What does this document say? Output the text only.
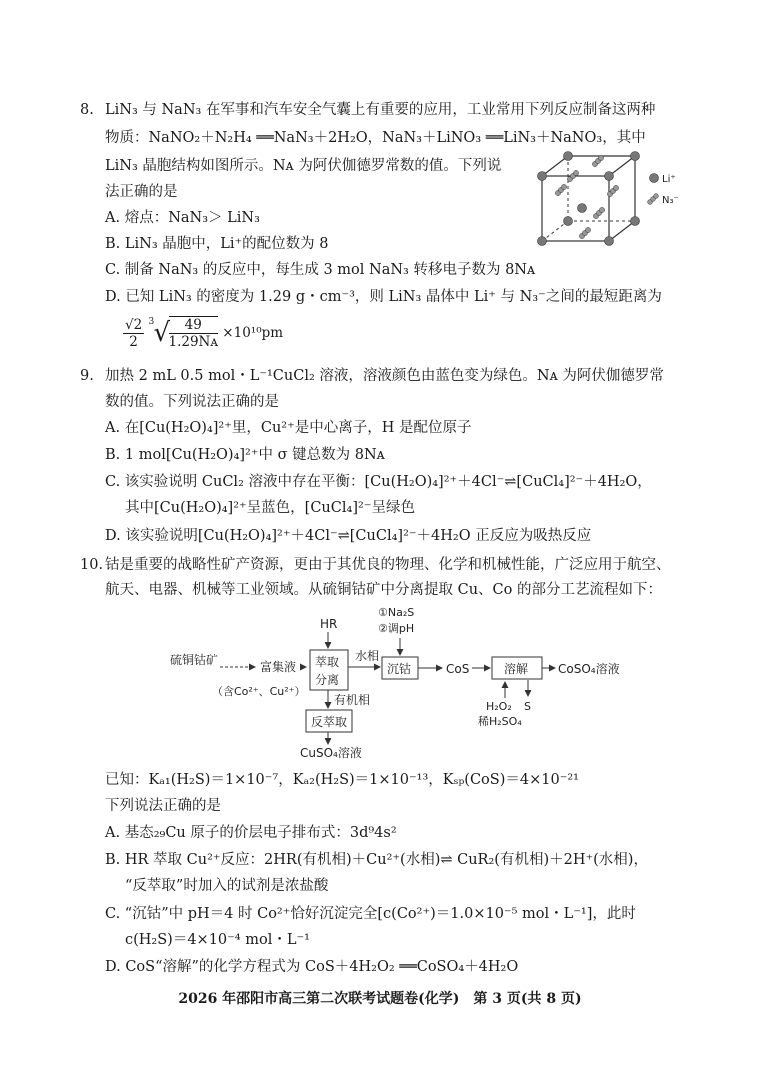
8. LiN₃ 与 NaN₃ 在军事和汽车安全气囊上有重要的应用，工业常用下列反应制备这两种
物质：NaNO₂＋N₂H₄ ══NaN₃＋2H₂O，NaN₃＋LiNO₃ ══LiN₃＋NaNO₃，其中
LiN₃ 晶胞结构如图所示。Nᴀ 为阿伏伽德罗常数的值。下列说
法正确的是
A. 熔点：NaN₃＞ LiN₃
B. LiN₃ 晶胞中，Li⁺的配位数为 8
C. 制备 NaN₃ 的反应中，每生成 3 mol NaN₃ 转移电子数为 8Nᴀ
D. 已知 LiN₃ 的密度为 1.29 g・cm⁻³，则 LiN₃ 晶体中 Li⁺ 与 N₃⁻之间的最短距离为
$\frac{√2}{2}$
3 √
$\frac{49}{\text{1.29Nᴀ}} \times 10^{10}pm$
Li⁺
N₃⁻
9. 加热 2 mL 0.5 mol・L⁻¹CuCl₂ 溶液，溶液颜色由蓝色变为绿色。Nᴀ 为阿伏伽德罗常
数的值。下列说法正确的是
A. 在[Cu(H₂O)₄]²⁺里，Cu²⁺是中心离子，H 是配位原子
B. 1 mol[Cu(H₂O)₄]²⁺中 σ 键总数为 8Nᴀ
C. 该实验说明 CuCl₂ 溶液中存在平衡：[Cu(H₂O)₄]²⁺＋4Cl⁻⇌[CuCl₄]²⁻＋4H₂O，
其中[Cu(H₂O)₄]²⁺呈蓝色，[CuCl₄]²⁻呈绿色
D. 该实验说明[Cu(H₂O)₄]²⁺＋4Cl⁻⇌[CuCl₄]²⁻＋4H₂O 正反应为吸热反应
10. 钴是重要的战略性矿产资源，更由于其优良的物理、化学和机械性能，广泛应用于航空、
航天、电器、机械等工业领域。从硫铜钴矿中分离提取 Cu、Co 的部分工艺流程如下：
硫铜钴矿	富集液
（含Co²⁺、Cu²⁺）
HR
萃取
分离
水相
①Na₂S
②调pH
沉钴	CoS	溶解 CoSO₄溶液
H₂O₂
稀H₂SO₄
S
有机相
反萃取
CuSO₄溶液
已知：Kₐ₁(H₂S)＝1×10⁻⁷，Kₐ₂(H₂S)＝1×10⁻¹³，Kₛₚ(CoS)＝4×10⁻²¹
下列说法正确的是
A. 基态₂₉Cu 原子的价层电子排布式：3d⁹4s²
B. HR 萃取 Cu²⁺反应：2HR(有机相)＋Cu²⁺(水相)⇌ CuR₂(有机相)＋2H⁺(水相)，
“反萃取”时加入的试剂是浓盐酸
C. “沉钴”中 pH＝4 时 Co²⁺恰好沉淀完全[c(Co²⁺)＝1.0×10⁻⁵ mol・L⁻¹]，此时
c(H₂S)＝4×10⁻⁴ mol・L⁻¹
D. CoS“溶解”的化学方程式为 CoS＋4H₂O₂ ══CoSO₄＋4H₂O
2026 年邵阳市高三第二次联考试题卷(化学)　第 3 页(共 8 页)
